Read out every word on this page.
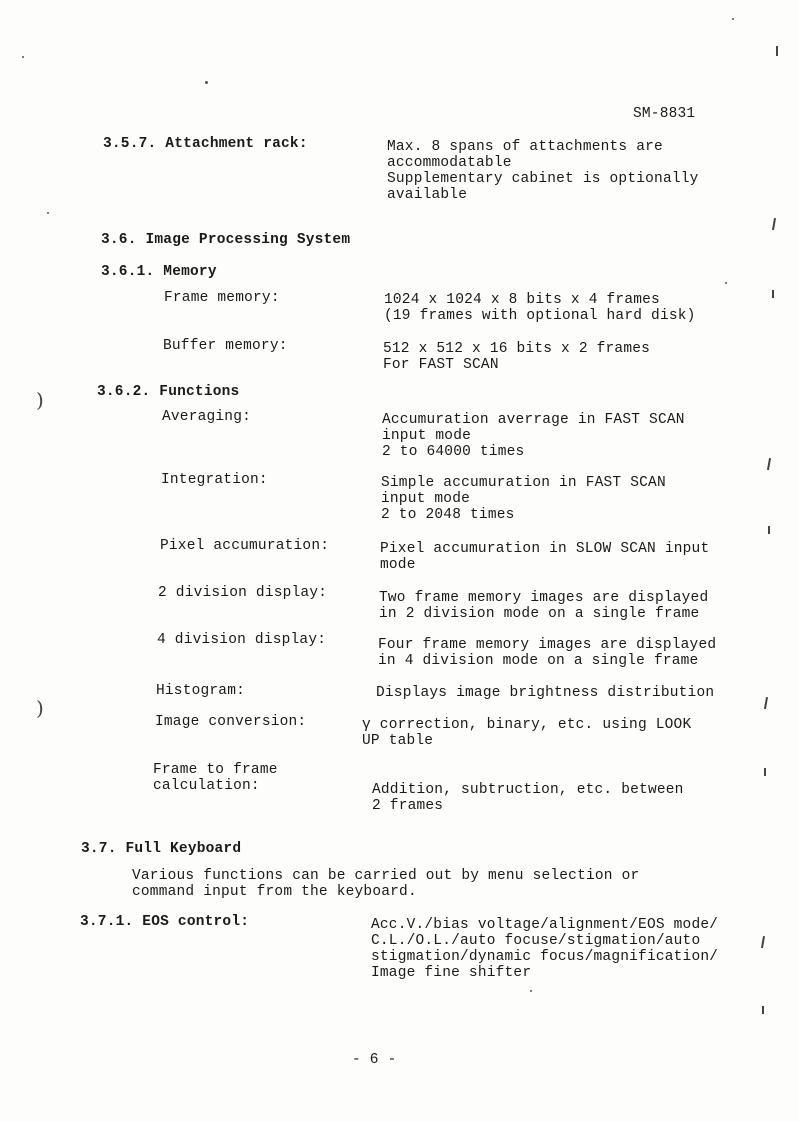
SM-8831
3.5.7. Attachment rack:	Max. 8 spans of attachments are
accommodatable
Supplementary cabinet is optionally
available
3.6. Image Processing System
3.6.1. Memory
Frame memory:	1024 x 1024 x 8 bits x 4 frames
(19 frames with optional hard disk)
Buffer memory:	512 x 512 x 16 bits x 2 frames
For FAST SCAN
3.6.2. Functions
Averaging:	Accumuration averrage in FAST SCAN
input mode
2 to 64000 times
Integration:	Simple accumuration in FAST SCAN
input mode
2 to 2048 times
Pixel accumuration:	Pixel accumuration in SLOW SCAN input
mode
2 division display:	Two frame memory images are displayed
in 2 division mode on a single frame
4 division display:	Four frame memory images are displayed
in 4 division mode on a single frame
Histogram:	Displays image brightness distribution
Image conversion:	γ correction, binary, etc. using LOOK
UP table
Frame to frame
calculation:	Addition, subtruction, etc. between
2 frames
3.7. Full Keyboard
Various functions can be carried out by menu selection or
command input from the keyboard.
3.7.1. EOS control:	Acc.V./bias voltage/alignment/EOS mode/
C.L./O.L./auto focuse/stigmation/auto
stigmation/dynamic focus/magnification/
Image fine shifter
- 6 -
)
)
